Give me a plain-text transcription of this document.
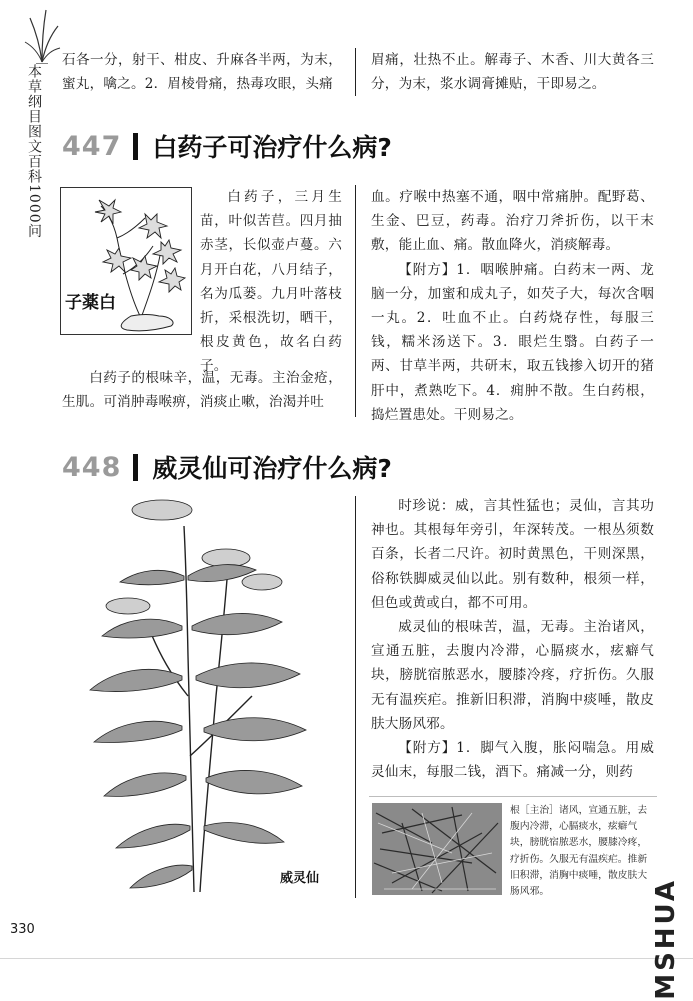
本草纲目图文百科1000问
石各一分，射干、柑皮、升麻各半两，为末，蜜丸，噙之。2．眉棱骨痛，热毒攻眼，头痛
眉痛，壮热不止。解毒子、木香、川大黄各三分，为末，浆水调膏摊贴，干即易之。
447 白药子可治疗什么病?
子薬白
白药子，三月生苗，叶似苦苣。四月抽赤茎，长似壶卢蔓。六月开白花，八月结子，名为瓜蒌。九月叶落枝折，采根洗切，晒干，根皮黄色，故名白药子。
白药子的根味辛，温，无毒。主治金疮，生肌。可消肿毒喉痹，消痰止嗽，治渴并吐

血。疗喉中热塞不通，咽中常痛肿。配野葛、生金、巴豆，药毒。治疗刀斧折伤，以干末敷，能止血、痛。散血降火，消痰解毒。

【附方】1．咽喉肿痛。白药末一两、龙脑一分，加蜜和成丸子，如芡子大，每次含咽一丸。2．吐血不止。白药烧存性，每服三钱，糯米汤送下。3．眼烂生翳。白药子一两、甘草半两，共研末，取五钱掺入切开的猪肝中，煮熟吃下。4．痈肿不散。生白药根，捣烂置患处。干则易之。

448 威灵仙可治疗什么病?
威灵仙

时珍说：威，言其性猛也；灵仙，言其功神也。其根每年旁引，年深转茂。一根丛须数百条，长者二尺许。初时黄黑色，干则深黑，俗称铁脚威灵仙以此。别有数种，根须一样，但色或黄或白，都不可用。

威灵仙的根味苦，温，无毒。主治诸风，宣通五脏，去腹内冷滞，心膈痰水，痃癖气块，膀胱宿脓恶水，腰膝冷疼，疗折伤。久服无有温疾疟。推新旧积滞，消胸中痰唾，散皮肤大肠风邪。

【附方】1．脚气入腹，胀闷喘急。用威灵仙末，每服二钱，酒下。痛减一分，则药

根［主治］诸风，宣通五脏，去腹内冷滞，心膈痰水，痃癖气块，膀胱宿脓恶水，腰膝冷疼，疗折伤。久服无有温疾疟。推新旧积滞，消胸中痰唾，散皮肤大肠风邪。
330	MSHUA
